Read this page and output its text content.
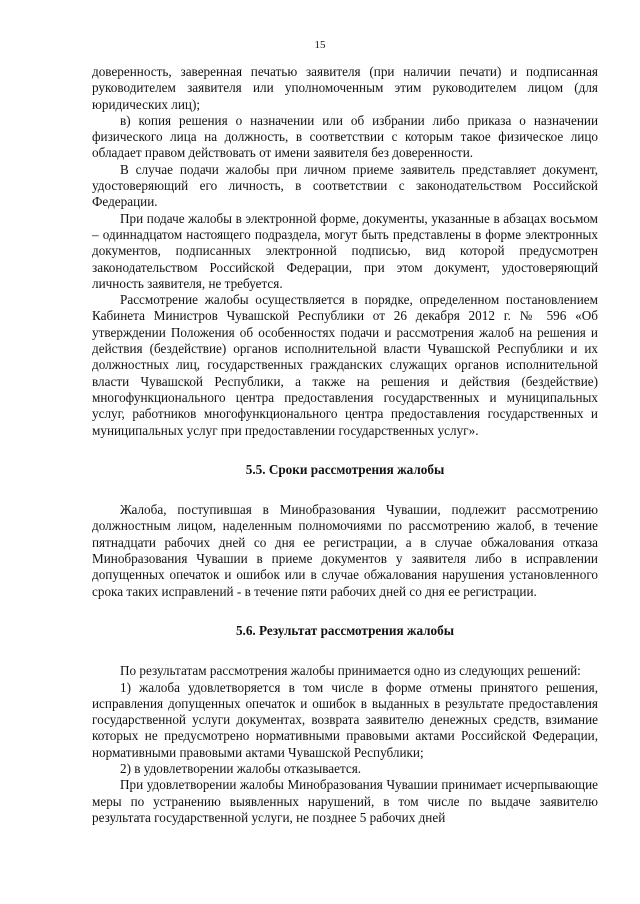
15

доверенность, заверенная печатью заявителя (при наличии печати) и подписанная руководителем заявителя или уполномоченным этим руководителем лицом (для юридических лиц);

в) копия решения о назначении или об избрании либо приказа о назначении физического лица на должность, в соответствии с которым такое физическое лицо обладает правом действовать от имени заявителя без доверенности.

В случае подачи жалобы при личном приеме заявитель представляет документ, удостоверяющий его личность, в соответствии с законодательством Российской Федерации.

При подаче жалобы в электронной форме, документы, указанные в абзацах восьмом – одиннадцатом настоящего подраздела, могут быть представлены в форме электронных документов, подписанных электронной подписью, вид которой предусмотрен законодательством Российской Федерации, при этом документ, удостоверяющий личность заявителя, не требуется.

Рассмотрение жалобы осуществляется в порядке, определенном постановлением Кабинета Министров Чувашской Республики от 26 декабря 2012 г. № 596 «Об утверждении Положения об особенностях подачи и рассмотрения жалоб на решения и действия (бездействие) органов исполнительной власти Чувашской Республики и их должностных лиц, государственных гражданских служащих органов исполнительной власти Чувашской Республики, а также на решения и действия (бездействие) многофункционального центра предоставления государственных и муниципальных услуг, работников многофункционального центра предоставления государственных и муниципальных услуг при предоставлении государственных услуг».

5.5. Сроки рассмотрения жалобы

Жалоба, поступившая в Минобразования Чувашии, подлежит рассмотрению должностным лицом, наделенным полномочиями по рассмотрению жалоб, в течение пятнадцати рабочих дней со дня ее регистрации, а в случае обжалования отказа Минобразования Чувашии в приеме документов у заявителя либо в исправлении допущенных опечаток и ошибок или в случае обжалования нарушения установленного срока таких исправлений - в течение пяти рабочих дней со дня ее регистрации.

5.6. Результат рассмотрения жалобы

По результатам рассмотрения жалобы принимается одно из следующих решений:

1) жалоба удовлетворяется в том числе в форме отмены принятого решения, исправления допущенных опечаток и ошибок в выданных в результате предоставления государственной услуги документах, возврата заявителю денежных средств, взимание которых не предусмотрено нормативными правовыми актами Российской Федерации, нормативными правовыми актами Чувашской Республики;

2) в удовлетворении жалобы отказывается.

При удовлетворении жалобы Минобразования Чувашии принимает исчерпывающие меры по устранению выявленных нарушений, в том числе по выдаче заявителю результата государственной услуги, не позднее 5 рабочих дней
